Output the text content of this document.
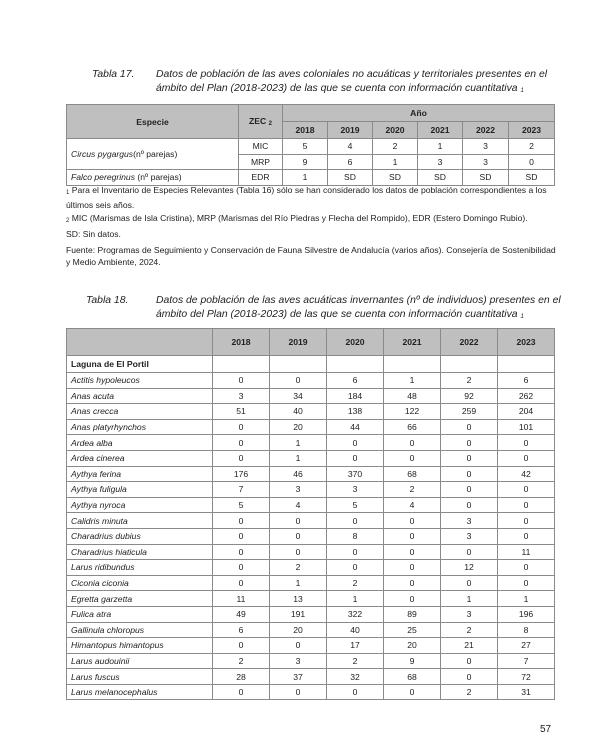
Tabla 17. Datos de población de las aves coloniales no acuáticas y territoriales presentes en el
ámbito del Plan (2018-2023) de las que se cuenta con información cuantitativa 1
Especie	ZEC 2	Año					
		2018	2019	2020	2021	2022	2023
Circus pygargus(nº parejas)	MIC	5	4	2	1	3	2
	MRP	9	6	1	3	3	0
Falco peregrinus (nº parejas)	EDR	1	SD	SD	SD	SD	SD
1 Para el Inventario de Especies Relevantes (Tabla 16) sólo se han considerado los datos de población correspondientes a los últimos seis años.
2 MIC (Marismas de Isla Cristina), MRP (Marismas del Río Piedras y Flecha del Rompido), EDR (Estero Domingo Rubio).
SD: Sin datos.
Fuente: Programas de Seguimiento y Conservación de Fauna Silvestre de Andalucía (varios años). Consejería de Sostenibilidad y Medio Ambiente, 2024.
Tabla 18.	Datos de población de las aves acuáticas invernantes (nº de individuos) presentes en el
ámbito del Plan (2018-2023) de las que se cuenta con información cuantitativa 1
	2018	2019	2020	2021	2022	2023
Laguna de El Portil						
Actitis hypoleucos	0	0	6	1	2	6
Anas acuta	3	34	184	48	92	262
Anas crecca	51	40	138	122	259	204
Anas platyrhynchos	0	20	44	66	0	101
Ardea alba	0	1	0	0	0	0
Ardea cinerea	0	1	0	0	0	0
Aythya ferina	176	46	370	68	0	42
Aythya fuligula	7	3	3	2	0	0
Aythya nyroca	5	4	5	4	0	0
Calidris minuta	0	0	0	0	3	0
Charadrius dubius	0	0	8	0	3	0
Charadrius hiaticula	0	0	0	0	0	11
Larus ridibundus	0	2	0	0	12	0
Ciconia ciconia	0	1	2	0	0	0
Egretta garzetta	11	13	1	0	1	1
Fulica atra	49	191	322	89	3	196
Gallinula chloropus	6	20	40	25	2	8
Himantopus himantopus	0	0	17	20	21	27
Larus audouinii	2	3	2	9	0	7
Larus fuscus	28	37	32	68	0	72
Larus melanocephalus	0	0	0	0	2	31
57
